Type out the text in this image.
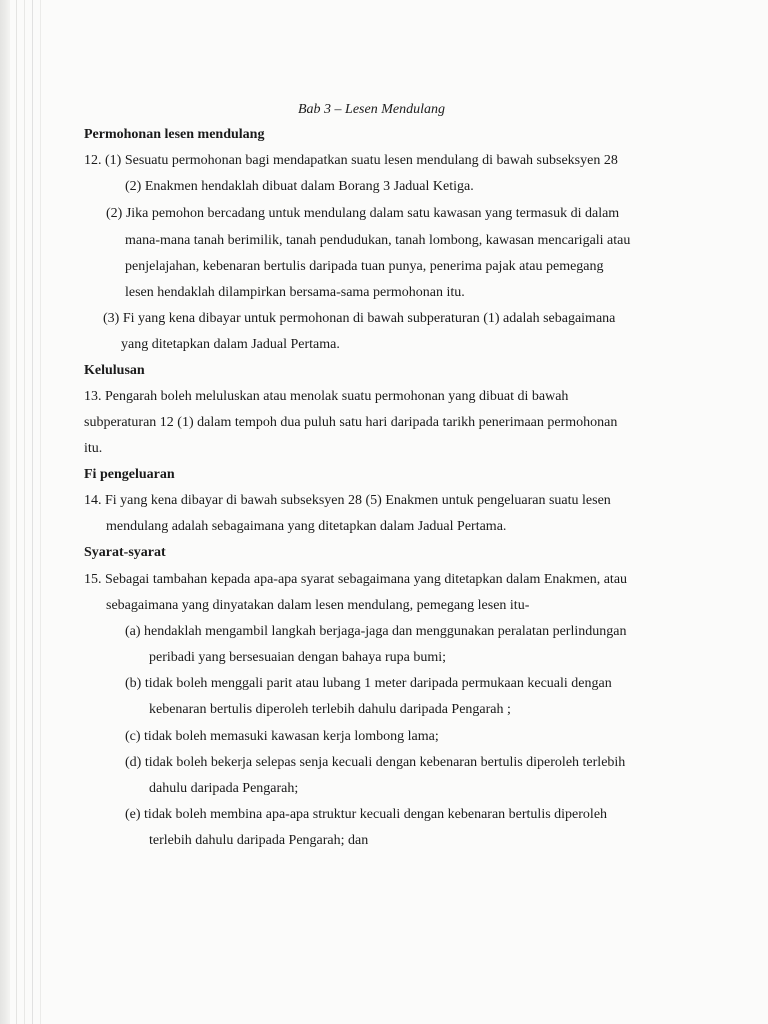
Bab 3 – Lesen Mendulang
Permohonan lesen mendulang
12. (1) Sesuatu permohonan bagi mendapatkan suatu lesen mendulang di bawah subseksyen 28
(2) Enakmen hendaklah dibuat dalam Borang 3 Jadual Ketiga.
(2) Jika pemohon bercadang untuk mendulang dalam satu kawasan yang termasuk di dalam
mana-mana tanah berimilik, tanah pendudukan, tanah lombong, kawasan mencarigali atau
penjelajahan, kebenaran bertulis daripada tuan punya, penerima pajak atau pemegang
lesen hendaklah dilampirkan bersama-sama permohonan itu.
(3) Fi yang kena dibayar untuk permohonan di bawah subperaturan (1) adalah sebagaimana
yang ditetapkan dalam Jadual Pertama.
Kelulusan
13. Pengarah boleh meluluskan atau menolak suatu permohonan yang dibuat di bawah
subperaturan 12 (1) dalam tempoh dua puluh satu hari daripada tarikh penerimaan permohonan
itu.
Fi pengeluaran
14. Fi yang kena dibayar di bawah subseksyen 28 (5) Enakmen untuk pengeluaran suatu lesen
mendulang adalah sebagaimana yang ditetapkan dalam Jadual Pertama.
Syarat-syarat
15. Sebagai tambahan kepada apa-apa syarat sebagaimana yang ditetapkan dalam Enakmen, atau
sebagaimana yang dinyatakan dalam lesen mendulang, pemegang lesen itu-
(a) hendaklah mengambil langkah berjaga-jaga dan menggunakan peralatan perlindungan
peribadi yang bersesuaian dengan bahaya rupa bumi;
(b) tidak boleh menggali parit atau lubang 1 meter daripada permukaan kecuali dengan
kebenaran bertulis diperoleh terlebih dahulu daripada Pengarah ;
(c) tidak boleh memasuki kawasan kerja lombong lama;
(d) tidak boleh bekerja selepas senja kecuali dengan kebenaran bertulis diperoleh terlebih
dahulu daripada Pengarah;
(e) tidak boleh membina apa-apa struktur kecuali dengan kebenaran bertulis diperoleh
terlebih dahulu daripada Pengarah; dan
